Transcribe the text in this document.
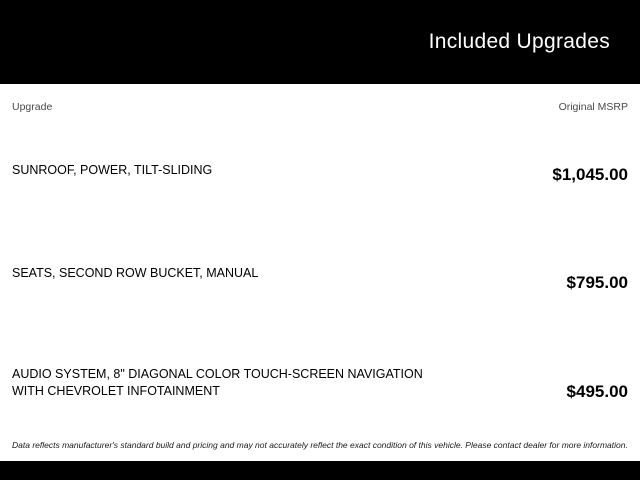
Included Upgrades
Upgrade	Original MSRP
SUNROOF, POWER, TILT-SLIDING	$1,045.00
SEATS, SECOND ROW BUCKET, MANUAL	$795.00
AUDIO SYSTEM, 8" DIAGONAL COLOR TOUCH-SCREEN NAVIGATION WITH CHEVROLET INFOTAINMENT	$495.00
Data reflects manufacturer's standard build and pricing and may not accurately reflect the exact condition of this vehicle. Please contact dealer for more information.
